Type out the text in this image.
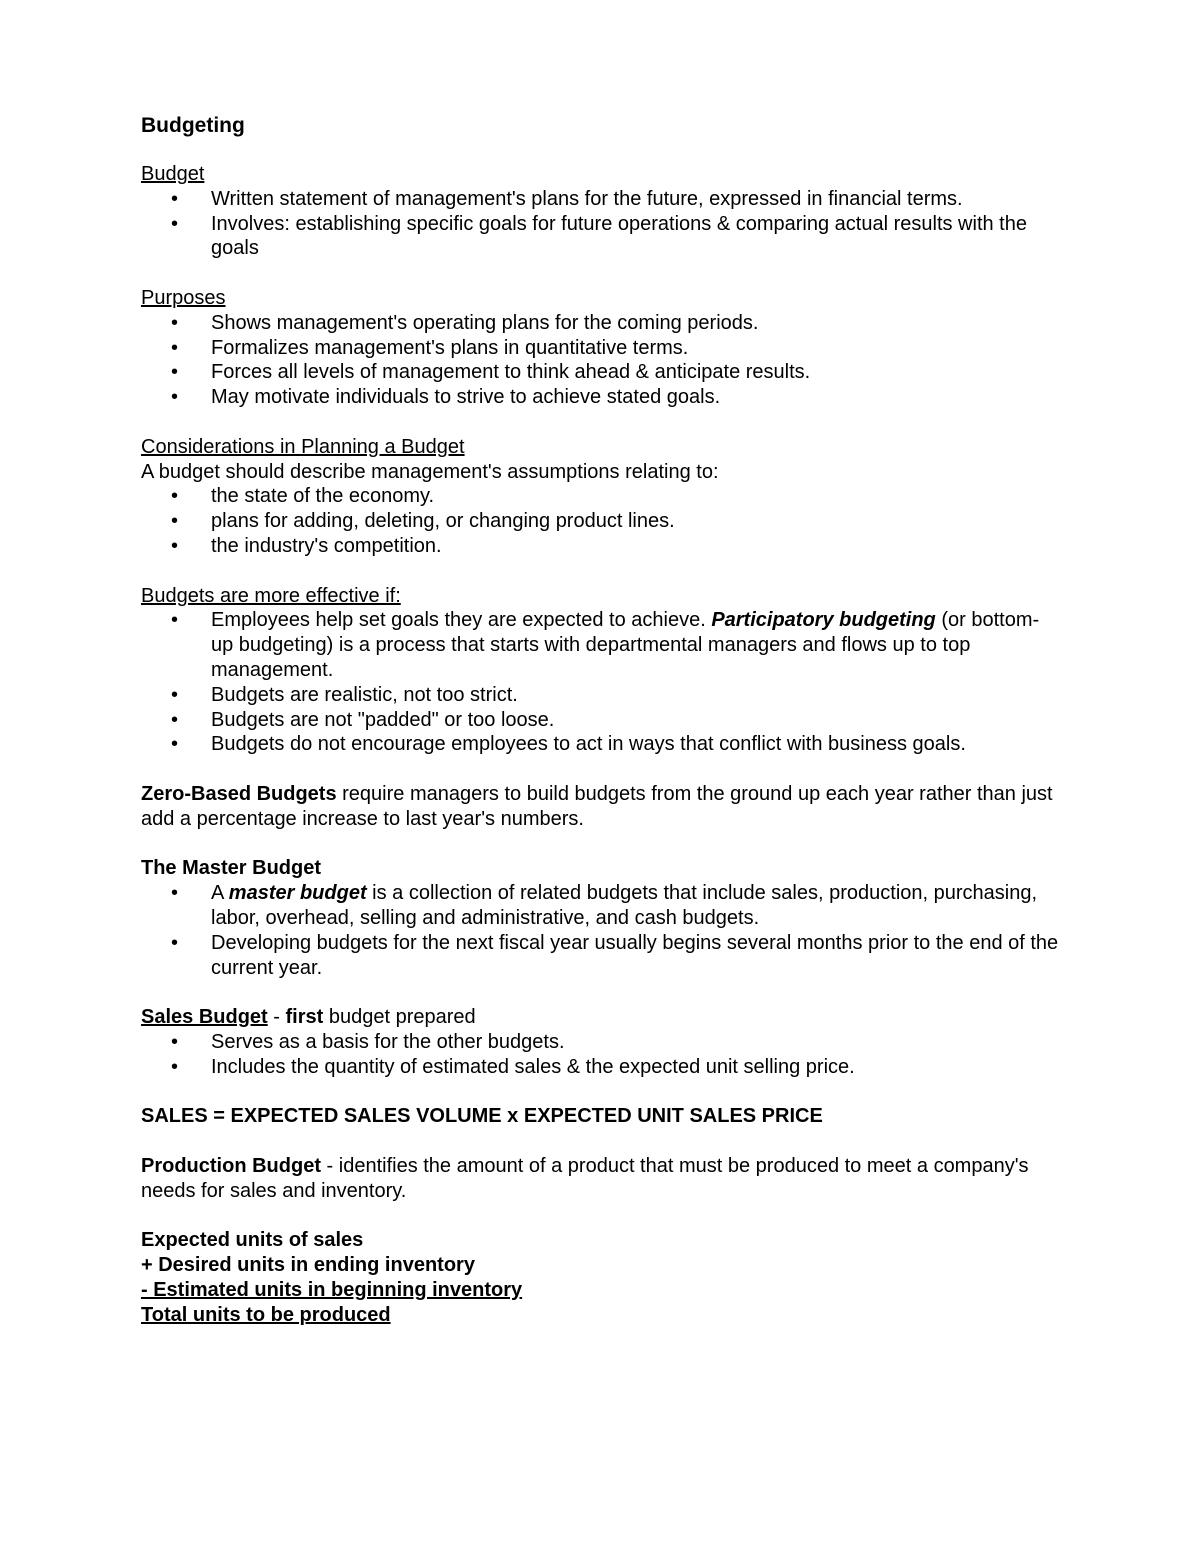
Budgeting

Budget

• Written statement of management's plans for the future, expressed in financial terms.
• Involves: establishing specific goals for future operations & comparing actual results with the goals

Purposes

• Shows management's operating plans for the coming periods.
• Formalizes management's plans in quantitative terms.
• Forces all levels of management to think ahead & anticipate results.
• May motivate individuals to strive to achieve stated goals.

Considerations in Planning a Budget

A budget should describe management's assumptions relating to:

• the state of the economy.
• plans for adding, deleting, or changing product lines.
• the industry's competition.

Budgets are more effective if:

• Employees help set goals they are expected to achieve. Participatory budgeting (or bottom-up budgeting) is a process that starts with departmental managers and flows up to top management.
• Budgets are realistic, not too strict.
• Budgets are not "padded" or too loose.
• Budgets do not encourage employees to act in ways that conflict with business goals.

Zero-Based Budgets require managers to build budgets from the ground up each year rather than just add a percentage increase to last year's numbers.

The Master Budget

• A master budget is a collection of related budgets that include sales, production, purchasing, labor, overhead, selling and administrative, and cash budgets.
• Developing budgets for the next fiscal year usually begins several months prior to the end of the current year.

Sales Budget - first budget prepared

• Serves as a basis for the other budgets.
• Includes the quantity of estimated sales & the expected unit selling price.

SALES = EXPECTED SALES VOLUME x EXPECTED UNIT SALES PRICE

Production Budget - identifies the amount of a product that must be produced to meet a company's needs for sales and inventory.

Expected units of sales

+ Desired units in ending inventory

- Estimated units in beginning inventory

Total units to be produced
